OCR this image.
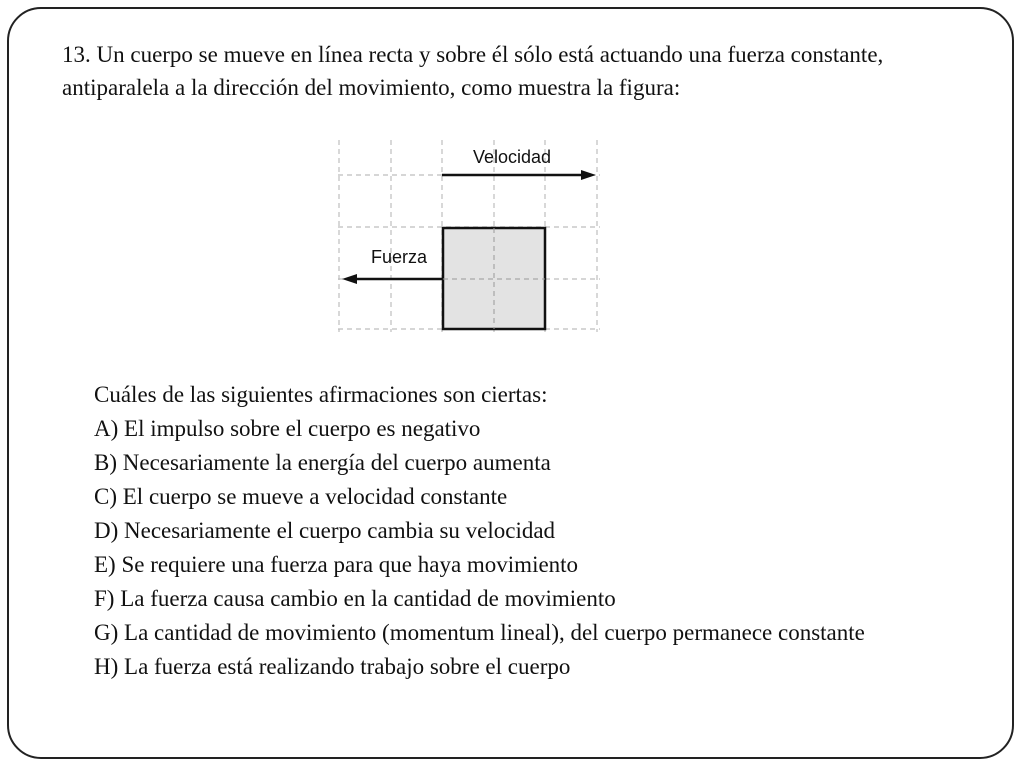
13. Un cuerpo se mueve en línea recta y sobre él sólo está actuando una fuerza constante, antiparalela a la dirección del movimiento, como muestra la figura:
Velocidad
Fuerza
Cuáles de las siguientes afirmaciones son ciertas:
A) El impulso sobre el cuerpo es negativo
B) Necesariamente la energía del cuerpo aumenta
C) El cuerpo se mueve a velocidad constante
D) Necesariamente el cuerpo cambia su velocidad
E) Se requiere una fuerza para que haya movimiento
F) La fuerza causa cambio en la cantidad de movimiento
G) La cantidad de movimiento (momentum lineal), del cuerpo permanece constante
H) La fuerza está realizando trabajo sobre el cuerpo
